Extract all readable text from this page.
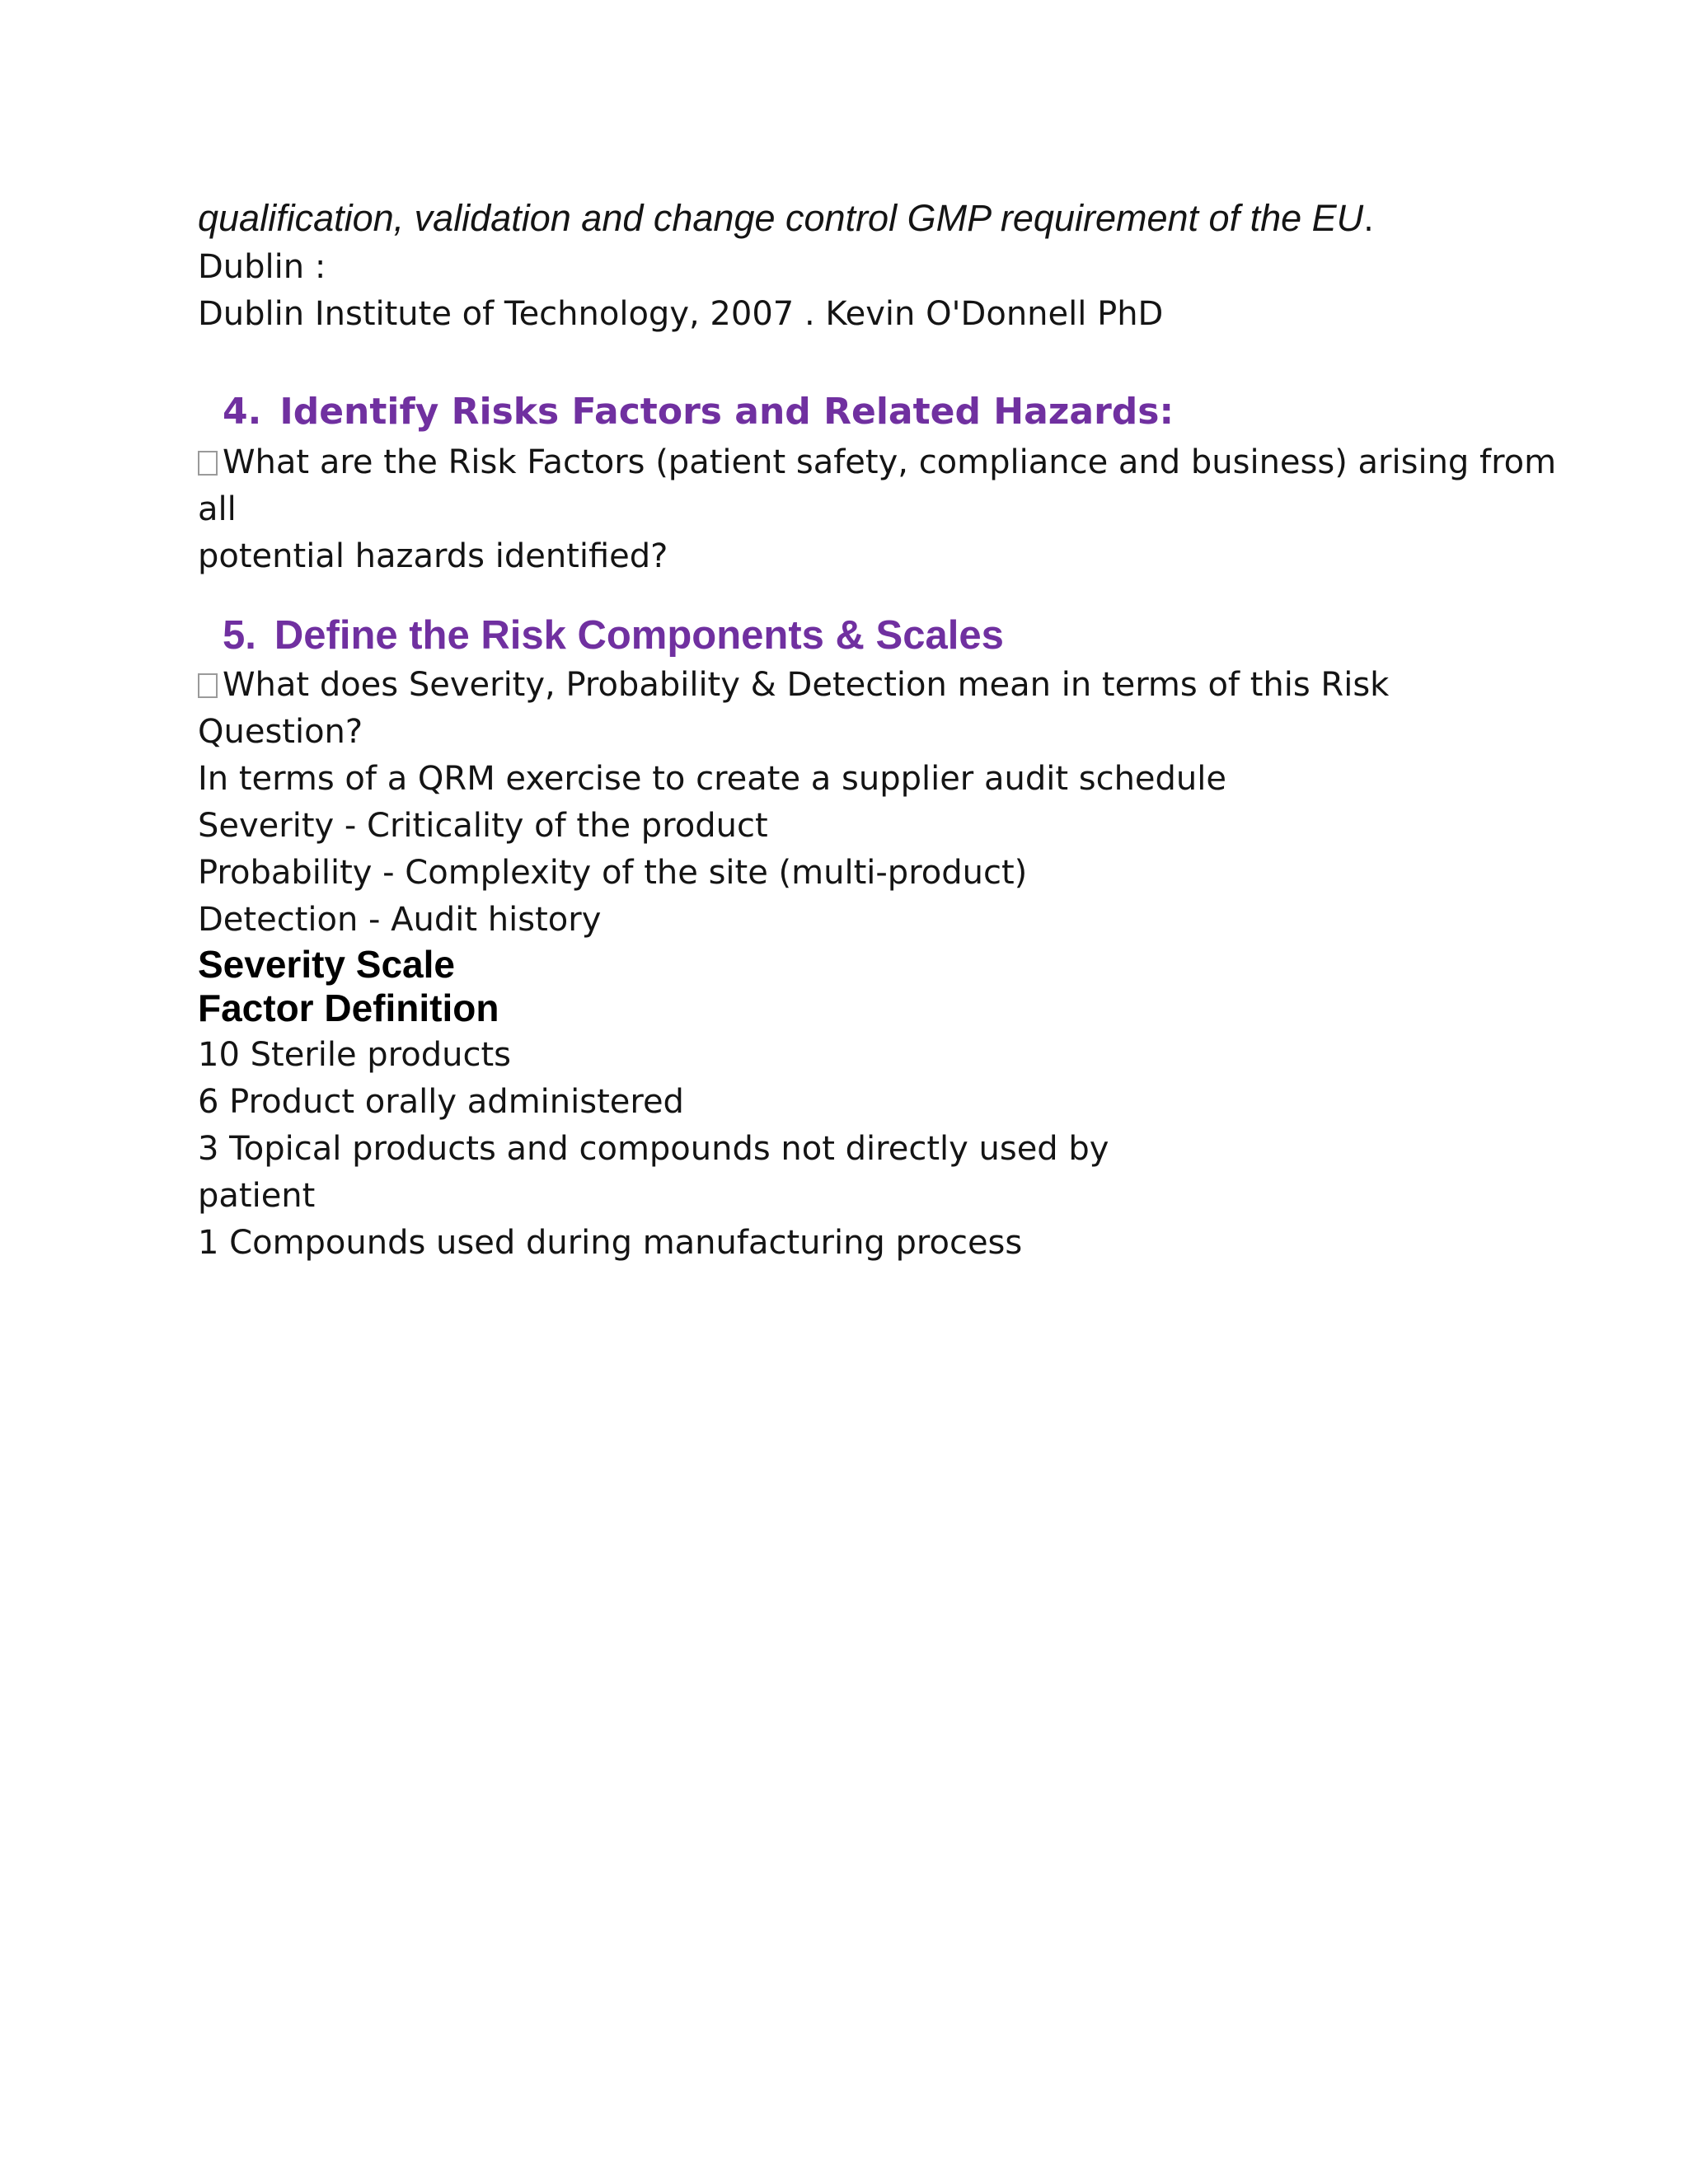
qualification, validation and change control GMP requirement of the EU.
Dublin :
Dublin Institute of Technology, 2007 . Kevin O'Donnell PhD
4. Identify Risks Factors and Related Hazards:
What are the Risk Factors (patient safety, compliance and business) arising from
all
potential hazards identified?
5. Define the Risk Components & Scales
What does Severity, Probability & Detection mean in terms of this Risk
Question?
In terms of a QRM exercise to create a supplier audit schedule
Severity - Criticality of the product
Probability - Complexity of the site (multi-product)
Detection - Audit history
Severity Scale
Factor Definition
10 Sterile products
6 Product orally administered
3 Topical products and compounds not directly used by
patient
1 Compounds used during manufacturing process
